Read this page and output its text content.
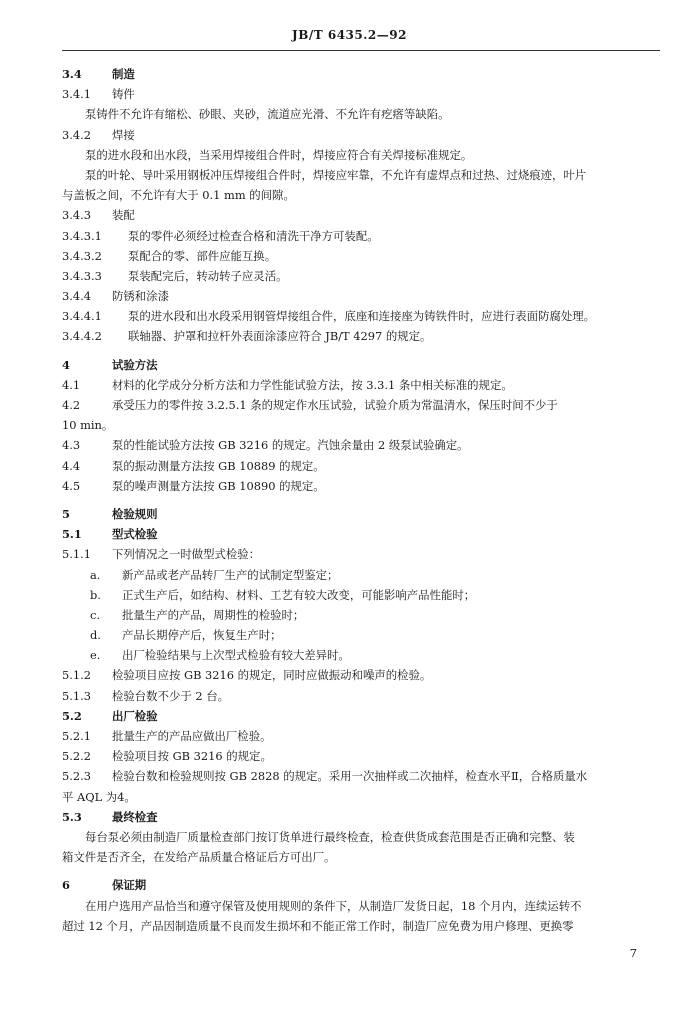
JB/T 6435.2—92
3.4	制造
3.4.1 铸件
泵铸件不允许有缩松、砂眼、夹砂，流道应光滑、不允许有疙瘩等缺陷。
3.4.2 焊接
泵的进水段和出水段，当采用焊接组合件时，焊接应符合有关焊接标准规定。
泵的叶轮、导叶采用钢板冲压焊接组合件时，焊接应牢靠，不允许有虚焊点和过热、过烧痕迹，叶片
与盖板之间，不允许有大于 0.1 mm 的间隙。
3.4.3 装配
3.4.3.1 泵的零件必须经过检查合格和清洗干净方可装配。
3.4.3.2 泵配合的零、部件应能互换。
3.4.3.3 泵装配完后，转动转子应灵活。
3.4.4 防锈和涂漆
3.4.4.1 泵的进水段和出水段采用钢管焊接组合件，底座和连接座为铸铁件时，应进行表面防腐处理。
3.4.4.2 联轴器、护罩和拉杆外表面涂漆应符合 JB/T 4297 的规定。
4	试验方法
4.1	材料的化学成分分析方法和力学性能试验方法，按 3.3.1 条中相关标准的规定。
4.2	承受压力的零件按 3.2.5.1 条的规定作水压试验，试验介质为常温清水，保压时间不少于
10 min。
4.3	泵的性能试验方法按 GB 3216 的规定。汽蚀余量由 2 级泵试验确定。
4.4	泵的振动测量方法按 GB 10889 的规定。
4.5	泵的噪声测量方法按 GB 10890 的规定。
5	检验规则
5.1	型式检验
5.1.1 下列情况之一时做型式检验：
a. 新产品或老产品转厂生产的试制定型鉴定；
b. 正式生产后，如结构、材料、工艺有较大改变，可能影响产品性能时；
c. 批量生产的产品，周期性的检验时；
d. 产品长期停产后，恢复生产时；
e. 出厂检验结果与上次型式检验有较大差异时。
5.1.2 检验项目应按 GB 3216 的规定，同时应做振动和噪声的检验。
5.1.3 检验台数不少于 2 台。
5.2	出厂检验
5.2.1 批量生产的产品应做出厂检验。
5.2.2 检验项目按 GB 3216 的规定。
5.2.3 检验台数和检验规则按 GB 2828 的规定。采用一次抽样或二次抽样，检查水平Ⅱ，合格质量水
平 AQL 为4。
5.3	最终检查
每台泵必须由制造厂质量检查部门按订货单进行最终检查，检查供货成套范围是否正确和完整、装
箱文件是否齐全，在发给产品质量合格证后方可出厂。
6	保证期
在用户选用产品恰当和遵守保管及使用规则的条件下，从制造厂发货日起，18 个月内，连续运转不
超过 12 个月，产品因制造质量不良而发生损坏和不能正常工作时，制造厂应免费为用户修理、更换零
7
